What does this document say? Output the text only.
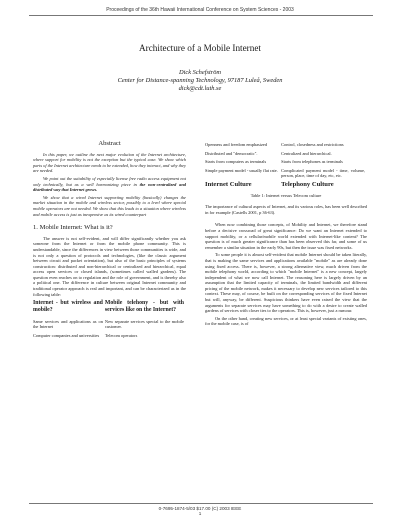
Proceedings of the 36th Hawaii International Conference on System Sciences - 2003
Architecture of a Mobile Internet
Dick Schefström
Center for Distance-spanning Technology, 97187 Luleå, Sweden
dick@cdt.luth.se
Abstract

In this paper, we outline the next major evolution of the Internet architecture, where support for mobility is not the exception but the typical case. We show which parts of the Internet architecture needs to be extended, how they interact, and why they are needed.

We point out the suitability of especially license free radio access equipment not only technically, but as a well harmonizing piece in the non-centralized and distributed way that Internet grows.

We show that a wired Internet supporting mobility (basically) changes the market situation in the mobile and wireless sector, possibly to a level where special mobile operators are not needed. We show that this leads to a situation where wireless and mobile access is just as inexpensive as its wired counterpart

1. Mobile Internet: What is it?

The answer is not self-evident, and will differ significantly whether you ask someone from the Internet or from the mobile phone community. This is understandable, since the differences in view between those communities is wide, and is not only a question of protocols and technologies, (like the classic argument between circuit and packet orientation), but also of the basic principles of systems construction: distributed and non-hierarchical or centralized and hierarchical, equal access open services or closed islands, (sometimes called walled gardens). The question even reaches on to regulation and the role of government, and is thereby also a political one. The difference in culture between original Internet community and traditional operator approach is real and important, and can be characterized as in the following table:

Internet - but wireless and mobile?	Mobile telehony - but with services like on the Internet?
Same services and applications as on the Internet	New separate services special to the mobile customer.
Computer companies and universities	Telecom operators
Openness and freedom emphasized	Control, closedness and restrictions
Distributed and "democratic".	Centralized and hierarchical.
Starts from computers as terminals	Starts from telephones as terminals
Simple payment model - usually flat rate.	Complicated payment model - time, volume, person, place, time of day, etc, etc.
Internet Culture	Telephony Culture
Table 1: Internet versus Telecom culture

The importance of cultural aspects of Internet, and its various roles, has been well described in for example (Castells 2001, p 36-63).

When now combining those concepts, of Mobility and Internet, we therefore stand before a decisive crossroad of great significance: Do we want an Internet extended to support mobility, or a cellular/mobile world extended with Internet-like content? The question is of much greater significance than has been observed this far, and some of us remember a similar situation in the early 90s, but then the issue was fixed networks.

To some people it is almost self-evident that mobile Internet should be taken literally, that is making the same services and applications available "mobile" as are already done using fixed access. There is, however, a strong alternative view, much driven from the mobile telephony world, according to which "mobile Internet" is a new concept, largely independent of what we now call Internet. The reasoning here is largely driven by an assumption that the limited capacity of terminals, the limited bandwidth and different pricing of the mobile network, makes it necessary to develop new services tailored to this context. These may, of course, be built on the corresponding services of the fixed Internet but will, anyway, be different. Suspicious thinkers have even raised the view that the arguments for separate services may have something to do with a desire to create walled gardens of services with closer ties to the operators. This is, however, just a rumour.

On the other hand, creating new services, or at least special variants of existing ones, for the mobile case, is of

0-7695-1874-5/03 $17.00 (C) 2003 IEEE
1
